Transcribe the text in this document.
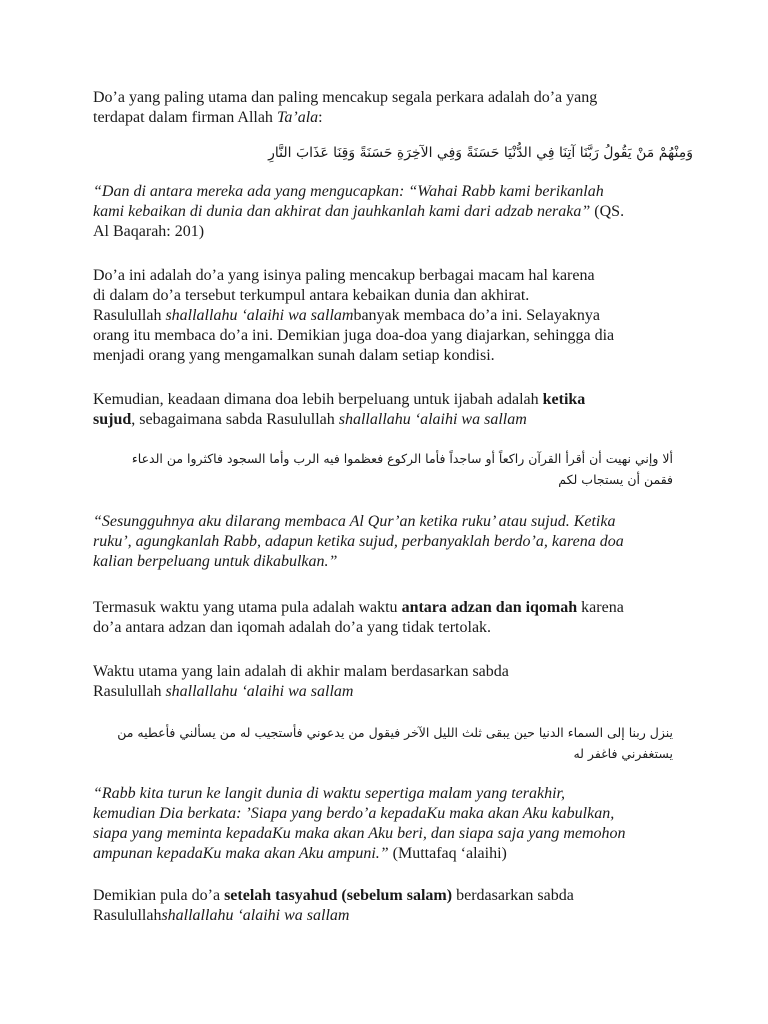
Do’a yang paling utama dan paling mencakup segala perkara adalah do’a yang

terdapat dalam firman Allah Ta’ala:

وَمِنْهُمْ مَنْ يَقُولُ رَبَّنَا آتِنَا فِي الدُّنْيَا حَسَنَةً وَفِي الآخِرَةِ حَسَنَةً وَقِنَا عَذَابَ النَّارِ

“Dan di antara mereka ada yang mengucapkan: “Wahai Rabb kami berikanlah

kami kebaikan di dunia dan akhirat dan jauhkanlah kami dari adzab neraka” (QS.

Al Baqarah: 201)

Do’a ini adalah do’a yang isinya paling mencakup berbagai macam hal karena

di dalam do’a tersebut terkumpul antara kebaikan dunia dan akhirat.

Rasulullah shallallahu ‘alaihi wa sallambanyak membaca do’a ini. Selayaknya

orang itu membaca do’a ini. Demikian juga doa-doa yang diajarkan, sehingga dia

menjadi orang yang mengamalkan sunah dalam setiap kondisi.

Kemudian, keadaan dimana doa lebih berpeluang untuk ijabah adalah ketika

sujud, sebagaimana sabda Rasulullah shallallahu ‘alaihi wa sallam

ألا وإني نهيت أن أقرأ القرآن راكعاً أو ساجداً فأما الركوع فعظموا فيه الرب وأما السجود فاكثروا من الدعاء

فقمن أن يستجاب لكم

“Sesungguhnya aku dilarang membaca Al Qur’an ketika ruku’ atau sujud. Ketika

ruku’, agungkanlah Rabb, adapun ketika sujud, perbanyaklah berdo’a, karena doa

kalian berpeluang untuk dikabulkan.”

Termasuk waktu yang utama pula adalah waktu antara adzan dan iqomah karena

do’a antara adzan dan iqomah adalah do’a yang tidak tertolak.

Waktu utama yang lain adalah di akhir malam berdasarkan sabda

Rasulullah shallallahu ‘alaihi wa sallam

ينزل ربنا إلى السماء الدنيا حين يبقى ثلث الليل الآخر فيقول من يدعوني فأستجيب له من يسألني فأعطيه من

يستغفرني فاغفر له

“Rabb kita turun ke langit dunia di waktu sepertiga malam yang terakhir,

kemudian Dia berkata: ’Siapa yang berdo’a kepadaKu maka akan Aku kabulkan,

siapa yang meminta kepadaKu maka akan Aku beri, dan siapa saja yang memohon

ampunan kepadaKu maka akan Aku ampuni.” (Muttafaq ‘alaihi)

Demikian pula do’a setelah tasyahud (sebelum salam) berdasarkan sabda

Rasulullahshallallahu ‘alaihi wa sallam
